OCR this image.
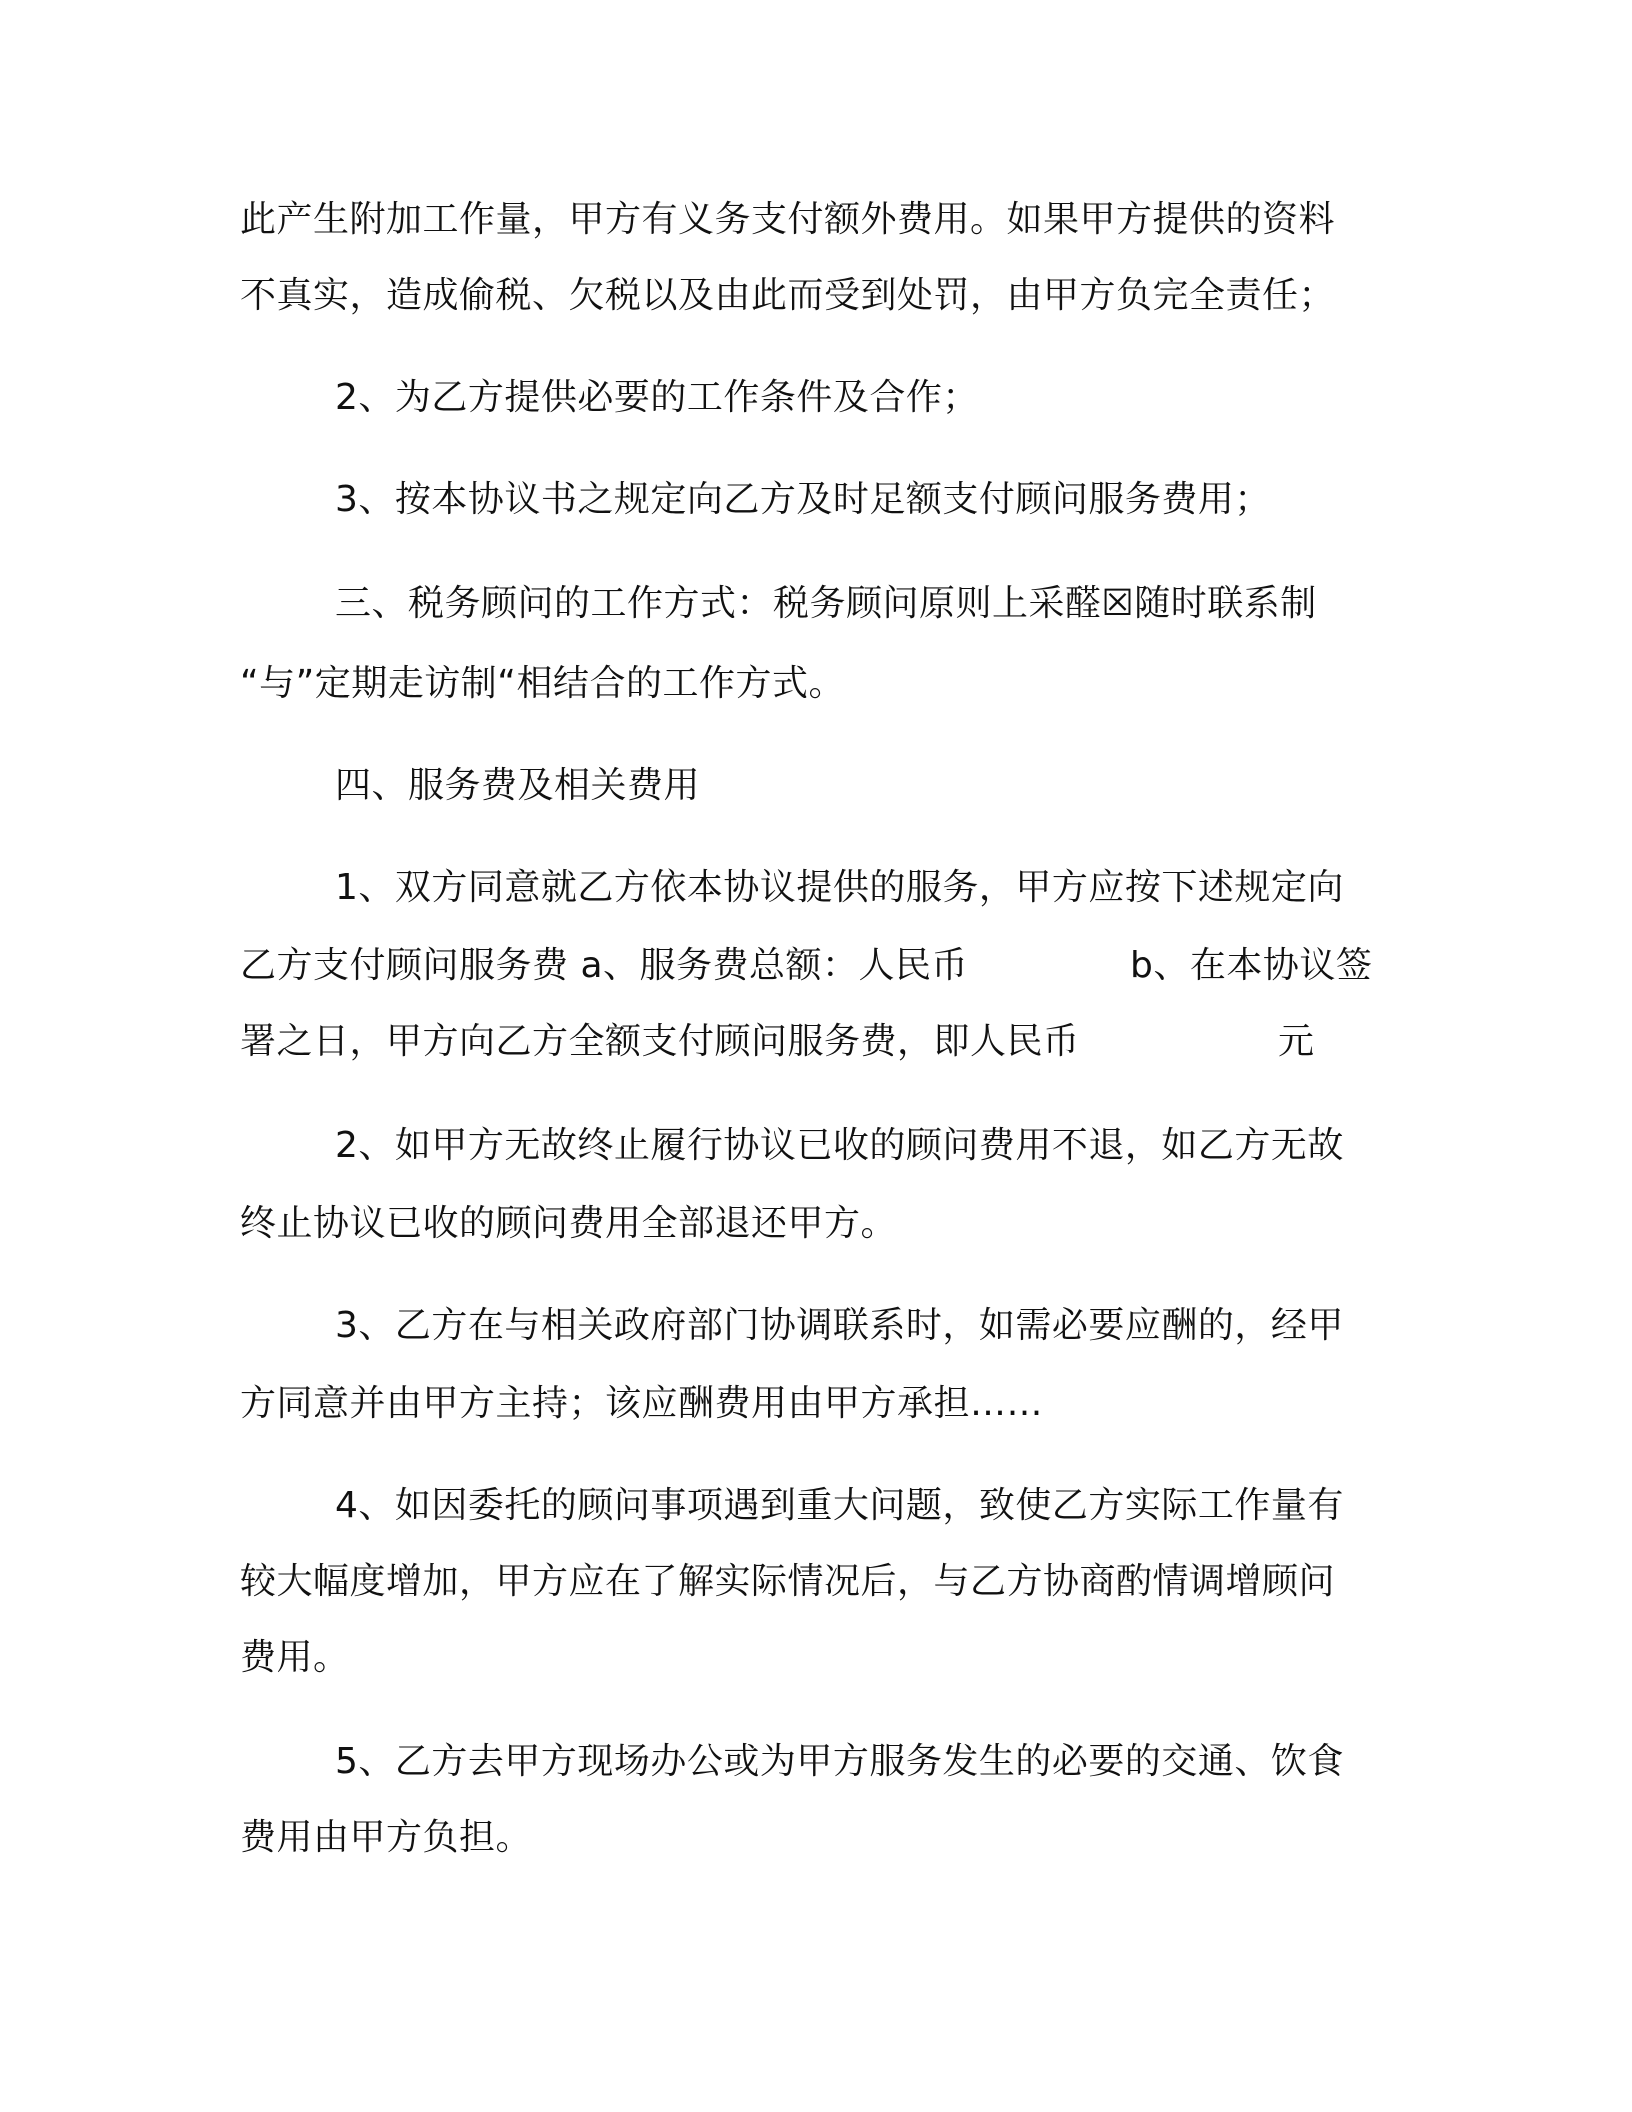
此产生附加工作量，甲方有义务支付额外费用。如果甲方提供的资料
不真实，造成偷税、欠税以及由此而受到处罚，由甲方负完全责任；
2、为乙方提供必要的工作条件及合作；
3、按本协议书之规定向乙方及时足额支付顾问服务费用；
三、税务顾问的工作方式：税务顾问原则上采醛☒随时联系制
“与”定期走访制“相结合的工作方式。
四、服务费及相关费用
1、双方同意就乙方依本协议提供的服务，甲方应按下述规定向
乙方支付顾问服务费 a、服务费总额：人民币	b、在本协议签
署之日，甲方向乙方全额支付顾问服务费，即人民币	元
2、如甲方无故终止履行协议已收的顾问费用不退，如乙方无故
终止协议已收的顾问费用全部退还甲方。
3、乙方在与相关政府部门协调联系时，如需必要应酬的，经甲
方同意并由甲方主持；该应酬费用由甲方承担……
4、如因委托的顾问事项遇到重大问题，致使乙方实际工作量有
较大幅度增加，甲方应在了解实际情况后，与乙方协商酌情调增顾问
费用。
5、乙方去甲方现场办公或为甲方服务发生的必要的交通、饮食
费用由甲方负担。
